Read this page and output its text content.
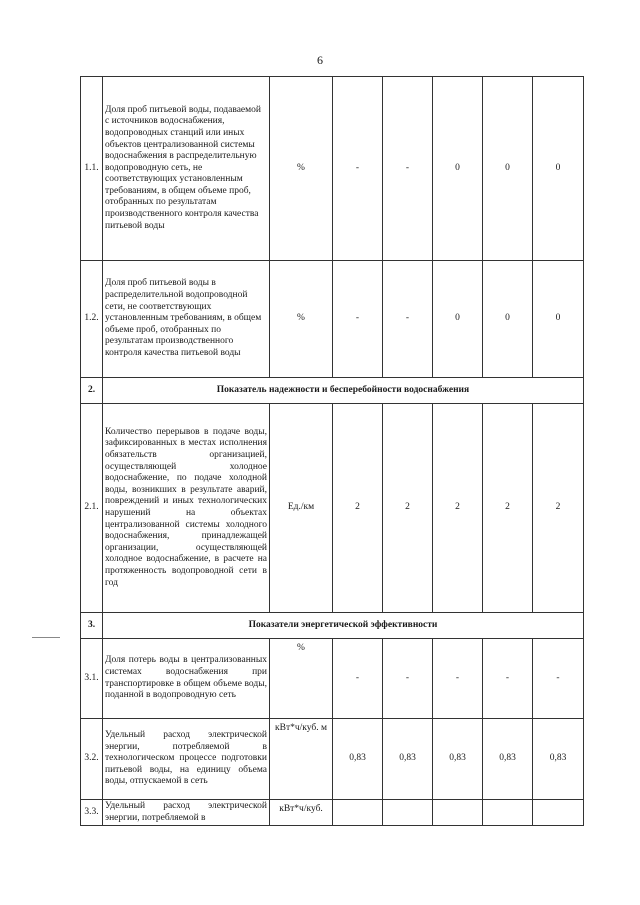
6
1.1.	Доля проб питьевой воды, подаваемой с источников водоснабжения, водопроводных станций или иных объектов централизованной системы водоснабжения в распределительную водопроводную сеть, не соответствующих установленным требованиям, в общем объеме проб, отобранных по результатам производственного контроля качества питьевой воды	%	-	-	0	0	0
1.2.	Доля проб питьевой воды в распределительной водопроводной сети, не соответствующих установленным требованиям, в общем объеме проб, отобранных по результатам производственного контроля качества питьевой воды	%	-	-	0	0	0
2.	Показатель надежности и бесперебойности водоснабжения						
2.1.	Количество перерывов в подаче воды, зафиксированных в местах исполнения обязательств организацией, осуществляющей холодное водоснабжение, по подаче холодной воды, возникших в результате аварий, повреждений и иных технологических нарушений на объектах централизованной системы холодного водоснабжения, принадлежащей организации, осуществляющей холодное водоснабжение, в расчете на протяженность водопроводной сети в год	Ед./км	2	2	2	2	2
3.	Показатели энергетической эффективности						
3.1.	Доля потерь воды в централизованных системах водоснабжения при транспортировке в общем объеме воды, поданной в водопроводную сеть	%	-	-	-	-	-
3.2.	Удельный расход электрической энергии, потребляемой в технологическом процессе подготовки питьевой воды, на единицу объема воды, отпускаемой в сеть	кВт*ч/куб. м	0,83	0,83	0,83	0,83	0,83
3.3.	Удельный расход электрической энергии, потребляемой в	кВт*ч/куб.					
